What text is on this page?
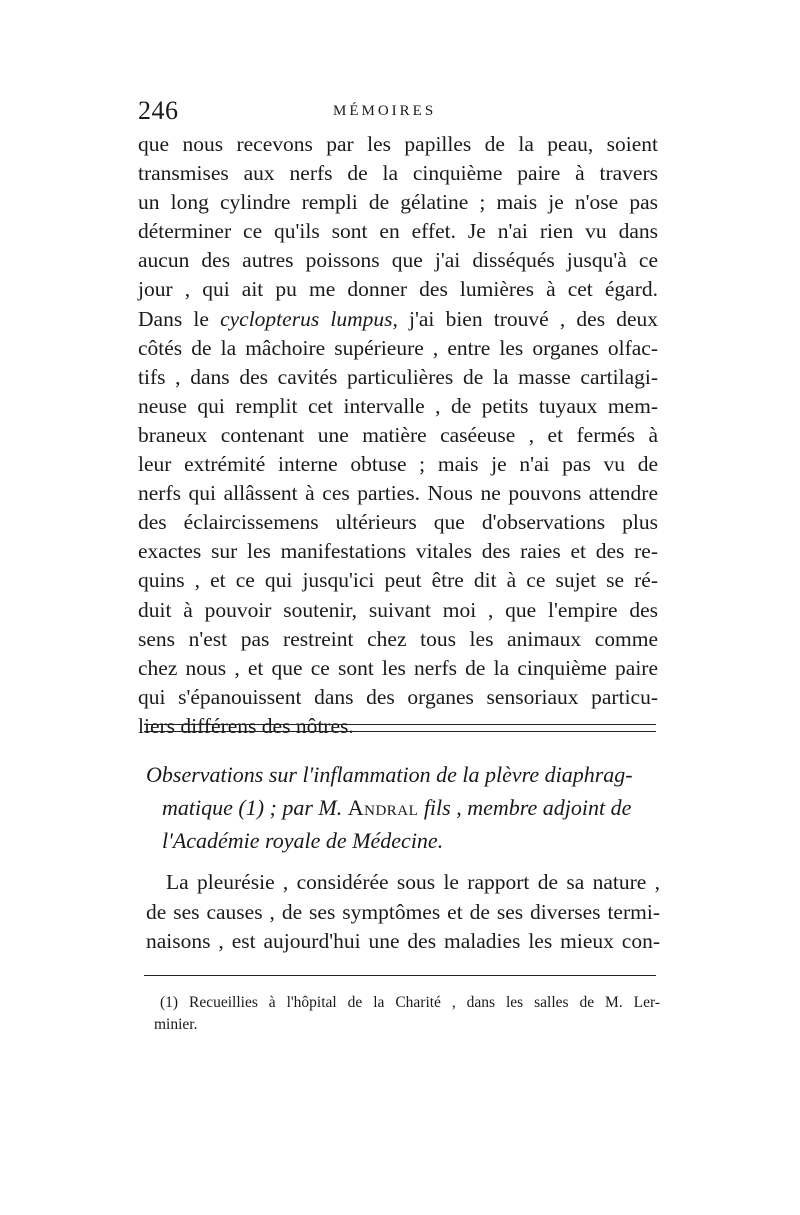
246	MÉMOIRES
que nous recevons par les papilles de la peau, soient
transmises aux nerfs de la cinquième paire à travers
un long cylindre rempli de gélatine ; mais je n'ose pas
déterminer ce qu'ils sont en effet. Je n'ai rien vu dans
aucun des autres poissons que j'ai disséqués jusqu'à ce
jour , qui ait pu me donner des lumières à cet égard.
Dans le cyclopterus lumpus, j'ai bien trouvé , des deux
côtés de la mâchoire supérieure , entre les organes olfac-
tifs , dans des cavités particulières de la masse cartilagi-
neuse qui remplit cet intervalle , de petits tuyaux mem-
braneux contenant une matière caséeuse , et fermés à
leur extrémité interne obtuse ; mais je n'ai pas vu de
nerfs qui allâssent à ces parties. Nous ne pouvons attendre
des éclaircissemens ultérieurs que d'observations plus
exactes sur les manifestations vitales des raies et des re-
quins , et ce qui jusqu'ici peut être dit à ce sujet se ré-
duit à pouvoir soutenir, suivant moi , que l'empire des
sens n'est pas restreint chez tous les animaux comme
chez nous , et que ce sont les nerfs de la cinquième paire
qui s'épanouissent dans des organes sensoriaux particu-
liers différens des nôtres.
Observations sur l'inflammation de la plèvre diaphrag-
matique (1) ; par M. Andral fils , membre adjoint de
l'Académie royale de Médecine.
La pleurésie , considérée sous le rapport de sa nature ,
de ses causes , de ses symptômes et de ses diverses termi-
naisons , est aujourd'hui une des maladies les mieux con-
(1) Recueillies à l'hôpital de la Charité , dans les salles de M. Ler-
minier.
